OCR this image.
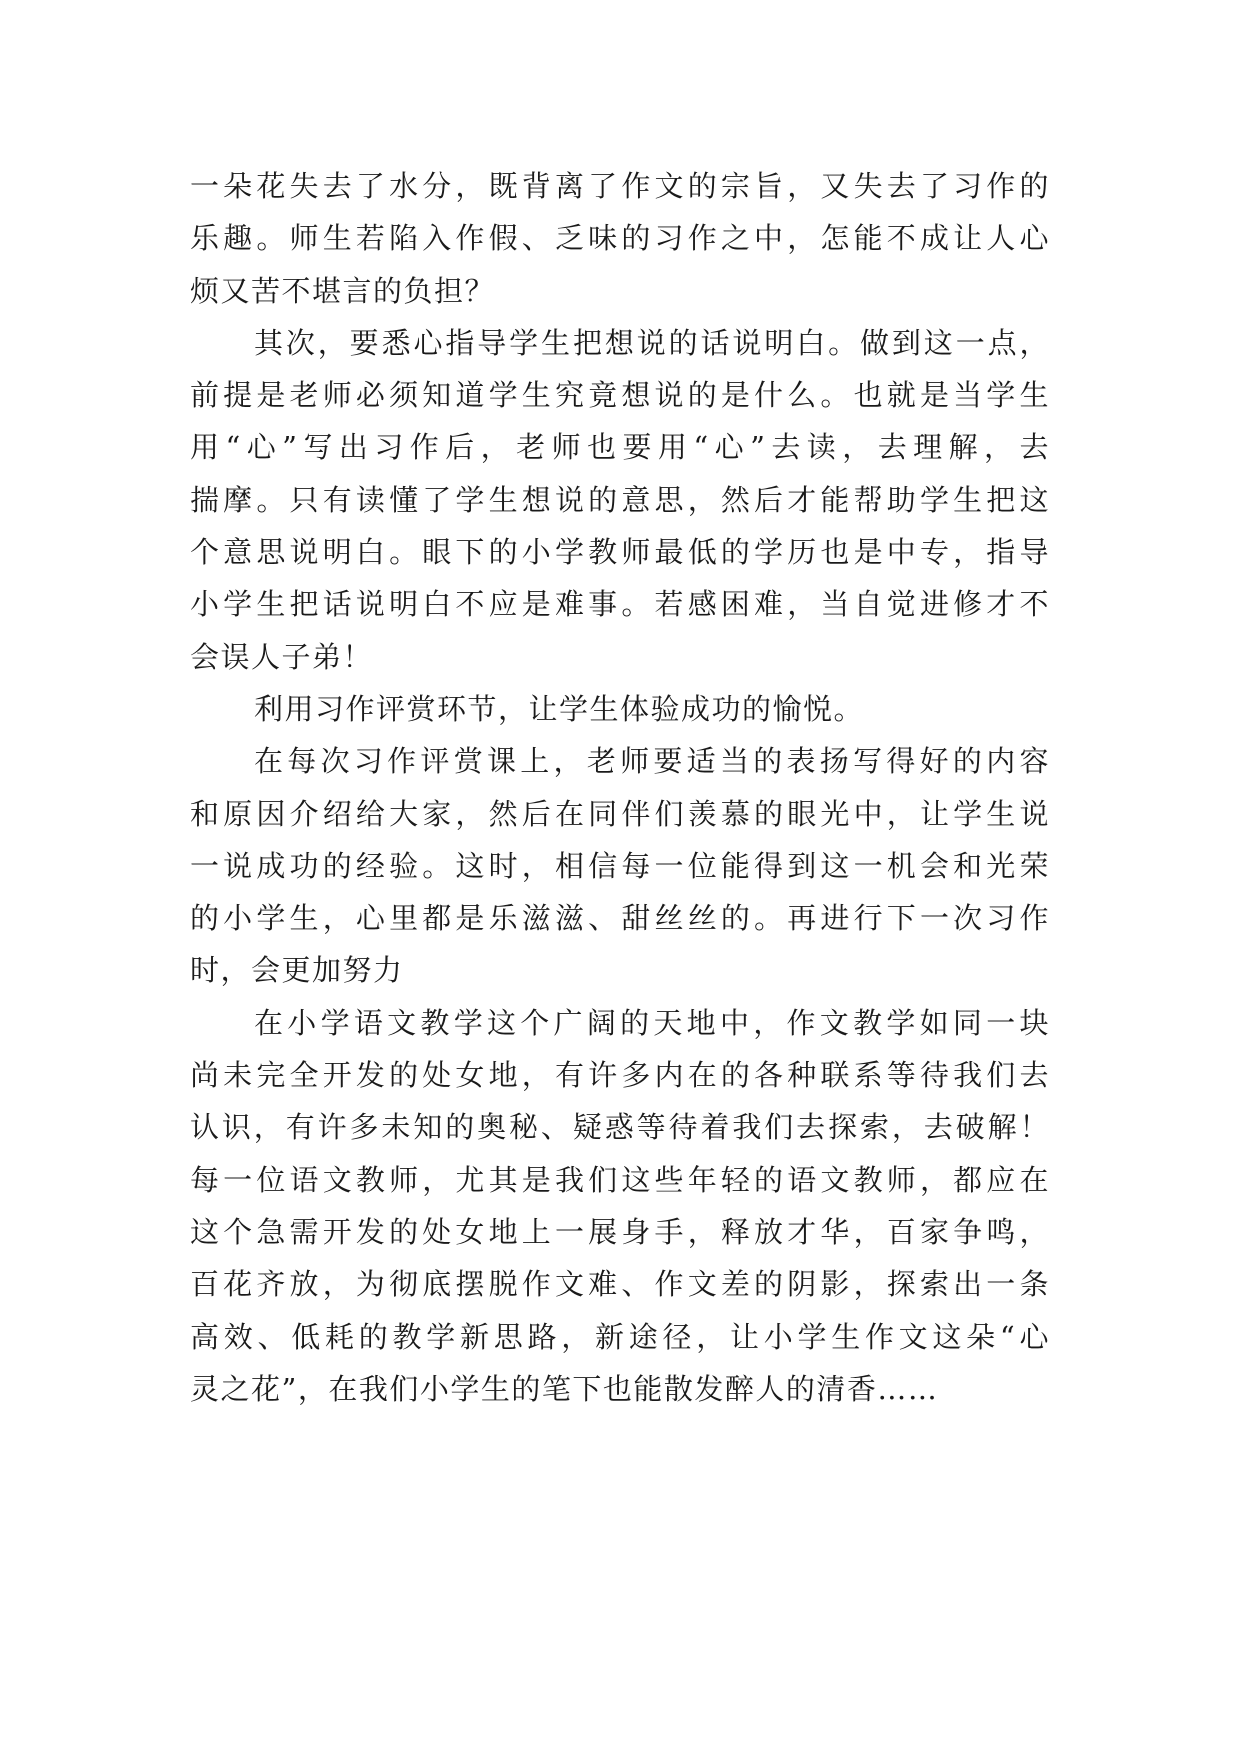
一朵花失去了水分，既背离了作文的宗旨，又失去了习作的
乐趣。师生若陷入作假、乏味的习作之中，怎能不成让人心
烦又苦不堪言的负担？
其次，要悉心指导学生把想说的话说明白。做到这一点，
前提是老师必须知道学生究竟想说的是什么。也就是当学生
用“心”写出习作后，老师也要用“心”去读，去理解，去
揣摩。只有读懂了学生想说的意思，然后才能帮助学生把这
个意思说明白。眼下的小学教师最低的学历也是中专，指导
小学生把话说明白不应是难事。若感困难，当自觉进修才不
会误人子弟！
利用习作评赏环节，让学生体验成功的愉悦。
在每次习作评赏课上，老师要适当的表扬写得好的内容
和原因介绍给大家，然后在同伴们羡慕的眼光中，让学生说
一说成功的经验。这时，相信每一位能得到这一机会和光荣
的小学生，心里都是乐滋滋、甜丝丝的。再进行下一次习作
时，会更加努力
在小学语文教学这个广阔的天地中，作文教学如同一块
尚未完全开发的处女地，有许多内在的各种联系等待我们去
认识，有许多未知的奥秘、疑惑等待着我们去探索，去破解！
每一位语文教师，尤其是我们这些年轻的语文教师，都应在
这个急需开发的处女地上一展身手，释放才华，百家争鸣，
百花齐放，为彻底摆脱作文难、作文差的阴影，探索出一条
高效、低耗的教学新思路，新途径，让小学生作文这朵“心
灵之花”，在我们小学生的笔下也能散发醉人的清香……
